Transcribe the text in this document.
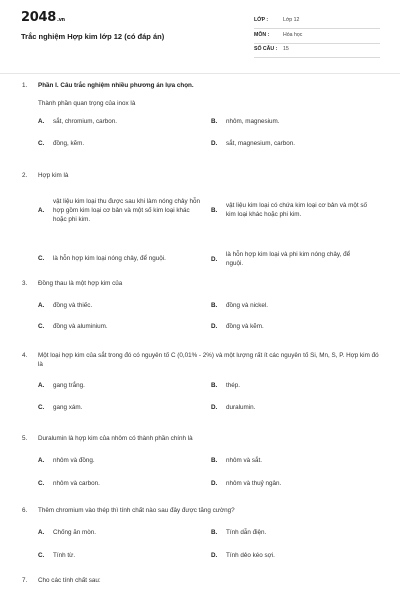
2048.vn
Trắc nghiệm Hợp kim lớp 12 (có đáp án)
LỚP :	Lớp 12
MÔN :	Hóa học
SỐ CÂU : 15
1. Phần I. Câu trắc nghiệm nhiều phương án lựa chọn.
Thành phần quan trọng của inox là
A. sắt, chromium, carbon.	B. nhôm, magnesium.
C. đồng, kẽm.	D. sắt, magnesium, carbon.
2. Hợp kim là
A.
vật liệu kim loại thu được sau khi làm nóng chảy hỗn hợp gồm kim loại cơ bản và một số kim loại khác hoặc phi kim.
B.
vật liệu kim loại có chứa kim loại cơ bản và một số kim loại khác hoặc phi kim.
C. là hỗn hợp kim loại nóng chảy, để nguội.	D.
là hỗn hợp kim loại và phi kim nóng chảy, để nguội.
3. Đồng thau là một hợp kim của
A. đồng và thiếc.	B. đồng và nickel.
C. đồng và aluminium.	D. đồng và kẽm.
4. Một loại hợp kim của sắt trong đó có nguyên tố C (0,01% - 2%) và một lượng rất ít các nguyên tố Si, Mn, S, P. Hợp kim đó là
A. gang trắng.	B. thép.
C. gang xám.	D. duralumin.
5. Duralumin là hợp kim của nhôm có thành phần chính là
A. nhôm và đồng.	B. nhôm và sắt.
C. nhôm và carbon.	D. nhôm và thuỷ ngân.
6. Thêm chromium vào thép thì tính chất nào sau đây được tăng cường?
A. Chống ăn mòn.	B. Tính dẫn điện.
C. Tính từ.	D. Tính dẻo kéo sợi.
7. Cho các tính chất sau:
